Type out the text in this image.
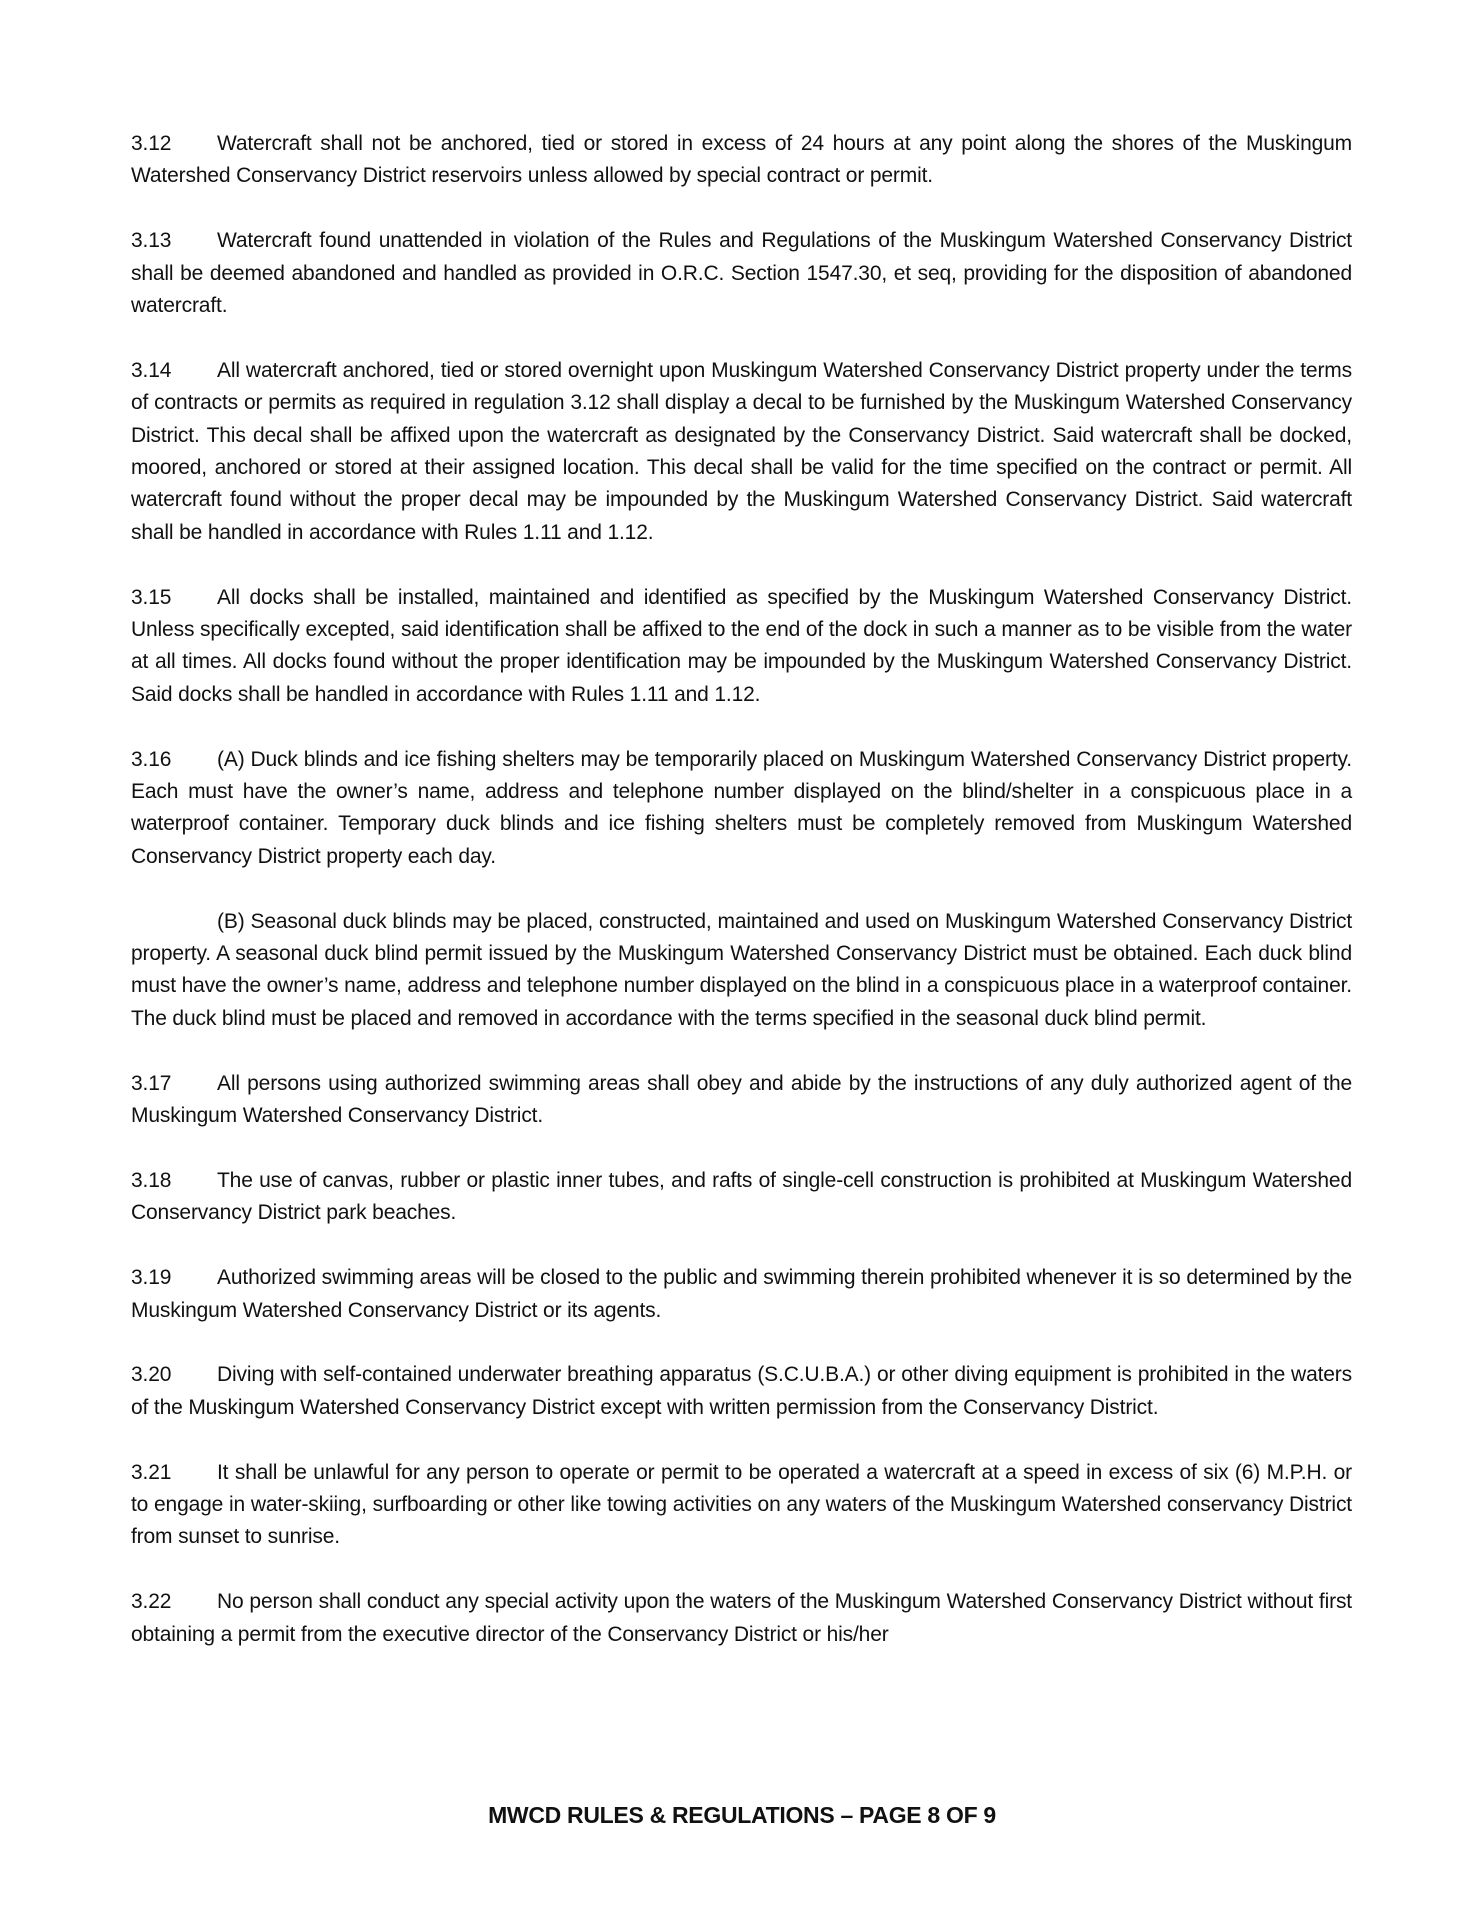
3.12 Watercraft shall not be anchored, tied or stored in excess of 24 hours at any point along the shores of the Muskingum Watershed Conservancy District reservoirs unless allowed by special contract or permit.

3.13 Watercraft found unattended in violation of the Rules and Regulations of the Muskingum Watershed Conservancy District shall be deemed abandoned and handled as provided in O.R.C. Section 1547.30, et seq, providing for the disposition of abandoned watercraft.

3.14 All watercraft anchored, tied or stored overnight upon Muskingum Watershed Conservancy District property under the terms of contracts or permits as required in regulation 3.12 shall display a decal to be furnished by the Muskingum Watershed Conservancy District. This decal shall be affixed upon the watercraft as designated by the Conservancy District. Said watercraft shall be docked, moored, anchored or stored at their assigned location. This decal shall be valid for the time specified on the contract or permit. All watercraft found without the proper decal may be impounded by the Muskingum Watershed Conservancy District. Said watercraft shall be handled in accordance with Rules 1.11 and 1.12.

3.15 All docks shall be installed, maintained and identified as specified by the Muskingum Watershed Conservancy District. Unless specifically excepted, said identification shall be affixed to the end of the dock in such a manner as to be visible from the water at all times. All docks found without the proper identification may be impounded by the Muskingum Watershed Conservancy District. Said docks shall be handled in accordance with Rules 1.11 and 1.12.

3.16 (A) Duck blinds and ice fishing shelters may be temporarily placed on Muskingum Watershed Conservancy District property. Each must have the owner’s name, address and telephone number displayed on the blind/shelter in a conspicuous place in a waterproof container. Temporary duck blinds and ice fishing shelters must be completely removed from Muskingum Watershed Conservancy District property each day.

(B) Seasonal duck blinds may be placed, constructed, maintained and used on Muskingum Watershed Conservancy District property. A seasonal duck blind permit issued by the Muskingum Watershed Conservancy District must be obtained. Each duck blind must have the owner’s name, address and telephone number displayed on the blind in a conspicuous place in a waterproof container. The duck blind must be placed and removed in accordance with the terms specified in the seasonal duck blind permit.

3.17 All persons using authorized swimming areas shall obey and abide by the instructions of any duly authorized agent of the Muskingum Watershed Conservancy District.

3.18 The use of canvas, rubber or plastic inner tubes, and rafts of single-cell construction is prohibited at Muskingum Watershed Conservancy District park beaches.

3.19 Authorized swimming areas will be closed to the public and swimming therein prohibited whenever it is so determined by the Muskingum Watershed Conservancy District or its agents.

3.20 Diving with self-contained underwater breathing apparatus (S.C.U.B.A.) or other diving equipment is prohibited in the waters of the Muskingum Watershed Conservancy District except with written permission from the Conservancy District.

3.21 It shall be unlawful for any person to operate or permit to be operated a watercraft at a speed in excess of six (6) M.P.H. or to engage in water-skiing, surfboarding or other like towing activities on any waters of the Muskingum Watershed conservancy District from sunset to sunrise.

3.22 No person shall conduct any special activity upon the waters of the Muskingum Watershed Conservancy District without first obtaining a permit from the executive director of the Conservancy District or his/her

MWCD RULES & REGULATIONS – PAGE 8 OF 9
